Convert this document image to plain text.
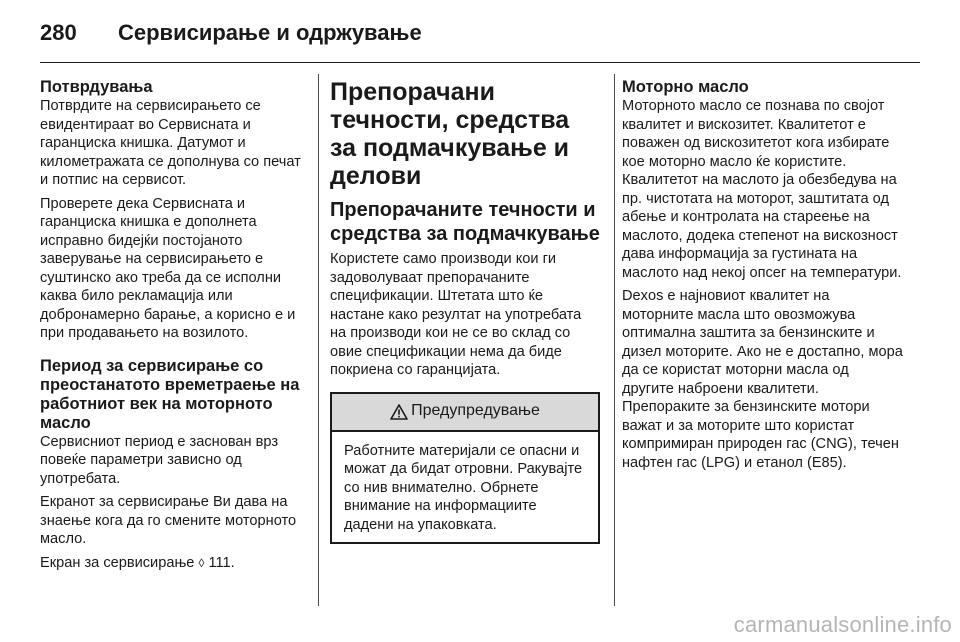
280	Сервисирање и одржување
Потврдувања

Потврдите на сервисирањето се евидентираат во Сервисната и гаранциска книшка. Датумот и километражата се дополнува со печат и потпис на сервисот.

Проверете дека Сервисната и гаранциска книшка е дополнета исправно бидејќи постојаното заверување на сервисирањето е суштинско ако треба да се исполни каква било рекламација или добронамерно барање, а корисно е и при продавањето на возилото.

Период за сервисирање со преостанатото времетраење на работниот век на моторното масло

Сервисниот период е заснован врз повеќе параметри зависно од употребата.

Екранот за сервисирање Ви дава на знаење кога да го смените моторното масло.

Екран за сервисирање ◊ 111.

Препорачани течности, средства за подмачкување и делови
Препорачаните течности и средства за подмачкување

Користете само производи кои ги задоволуваат препорачаните спецификации. Штетата што ќе настане како резултат на употребата на производи кои не се во склад со овие спецификации нема да биде покриена со гаранцијата.

Предупредување
Работните материјали се опасни и можат да бидат отровни. Ракувајте со нив внимателно. Обрнете внимание на информациите дадени на упаковката.
Моторно масло

Моторното масло се познава по својот квалитет и вискозитет. Квалитетот е поважен од вискозитетот кога избирате кое моторно масло ќе користите. Квалитетот на маслото ја обезбедува на пр. чистотата на моторот, заштитата од абење и контролата на стареење на маслото, додека степенот на вискозност дава информација за густината на маслото над некој опсег на температури.

Dexos е најновиот квалитет на моторните масла што овозможува оптимална заштита за бензинските и дизел моторите. Ако не е достапно, мора да се користат моторни масла од другите наброени квалитети. Препораките за бензинските мотори важат и за моторите што користат компримиран природен гас (CNG), течен нафтен гас (LPG) и етанол (E85).

carmanualsonline.info
